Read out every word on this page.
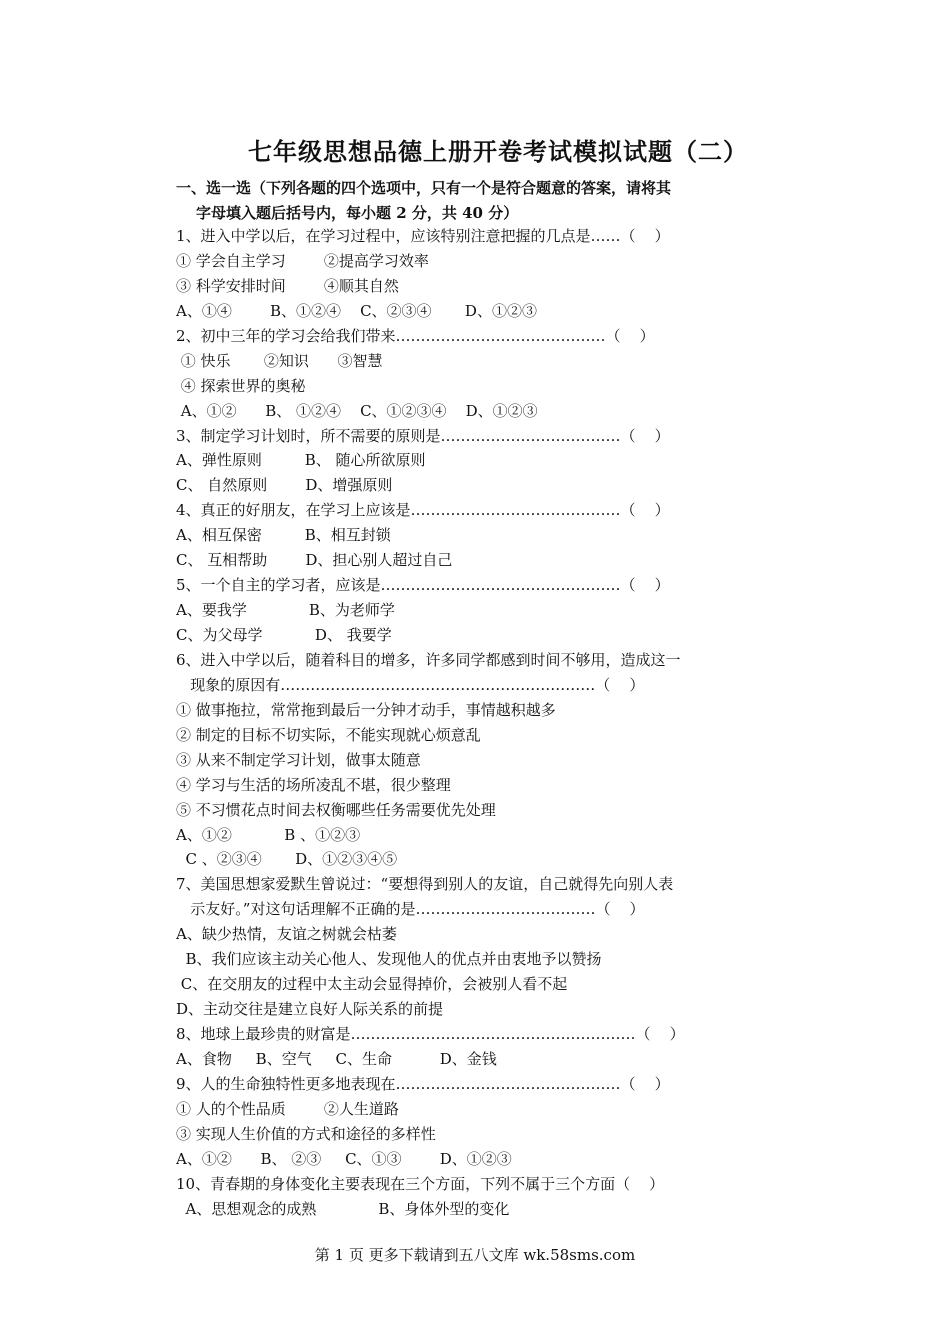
七年级思想品德上册开卷考试模拟试题（二）
一、选一选（下列各题的四个选项中，只有一个是符合题意的答案，请将其
字母填入题后括号内，每小题 2 分，共 40 分）
1、进入中学以后，在学习过程中，应该特别注意把握的几点是……（    ）
① 学会自主学习        ②提高学习效率
③ 科学安排时间        ④顺其自然
A、①④        B、①②④    C、②③④       D、①②③
2、初中三年的学习会给我们带来……………………………………（    ）
① 快乐       ②知识      ③智慧
④ 探索世界的奥秘
A、①②      B、 ①②④    C、①②③④    D、①②③
3、制定学习计划时，所不需要的原则是………………………………（    ）
A、弹性原则         B、 随心所欲原则
C、 自然原则        D、增强原则
4、真正的好朋友，在学习上应该是……………………………………（    ）
A、相互保密         B、相互封锁
C、 互相帮助        D、担心别人超过自己
5、一个自主的学习者，应该是…………………………………………（    ）
A、要我学             B、为老师学
C、为父母学           D、 我要学
6、进入中学以后，随着科目的增多，许多同学都感到时间不够用，造成这一
现象的原因有………………………………………………………（    ）
① 做事拖拉，常常拖到最后一分钟才动手，事情越积越多
② 制定的目标不切实际，不能实现就心烦意乱
③ 从来不制定学习计划，做事太随意
④ 学习与生活的场所凌乱不堪，很少整理
⑤ 不习惯花点时间去权衡哪些任务需要优先处理
A、①②           B 、①②③
C 、②③④       D、①②③④⑤
7、美国思想家爱默生曾说过：“要想得到别人的友谊，自己就得先向别人表
示友好。”对这句话理解不正确的是………………………………（    ）
A、缺少热情，友谊之树就会枯萎
B、我们应该主动关心他人、发现他人的优点并由衷地予以赞扬
C、在交朋友的过程中太主动会显得掉价，会被别人看不起
D、主动交往是建立良好人际关系的前提
8、地球上最珍贵的财富是…………………………………………………（    ）
A、食物     B、空气     C、生命          D、金钱
9、人的生命独特性更多地表现在………………………………………（    ）
① 人的个性品质        ②人生道路
③ 实现人生价值的方式和途径的多样性
A、①②      B、 ②③     C、①③        D、①②③
10、青春期的身体变化主要表现在三个方面，下列不属于三个方面（    ）
A、思想观念的成熟             B、身体外型的变化
第 1 页 更多下载请到五八文库 wk.58sms.com
